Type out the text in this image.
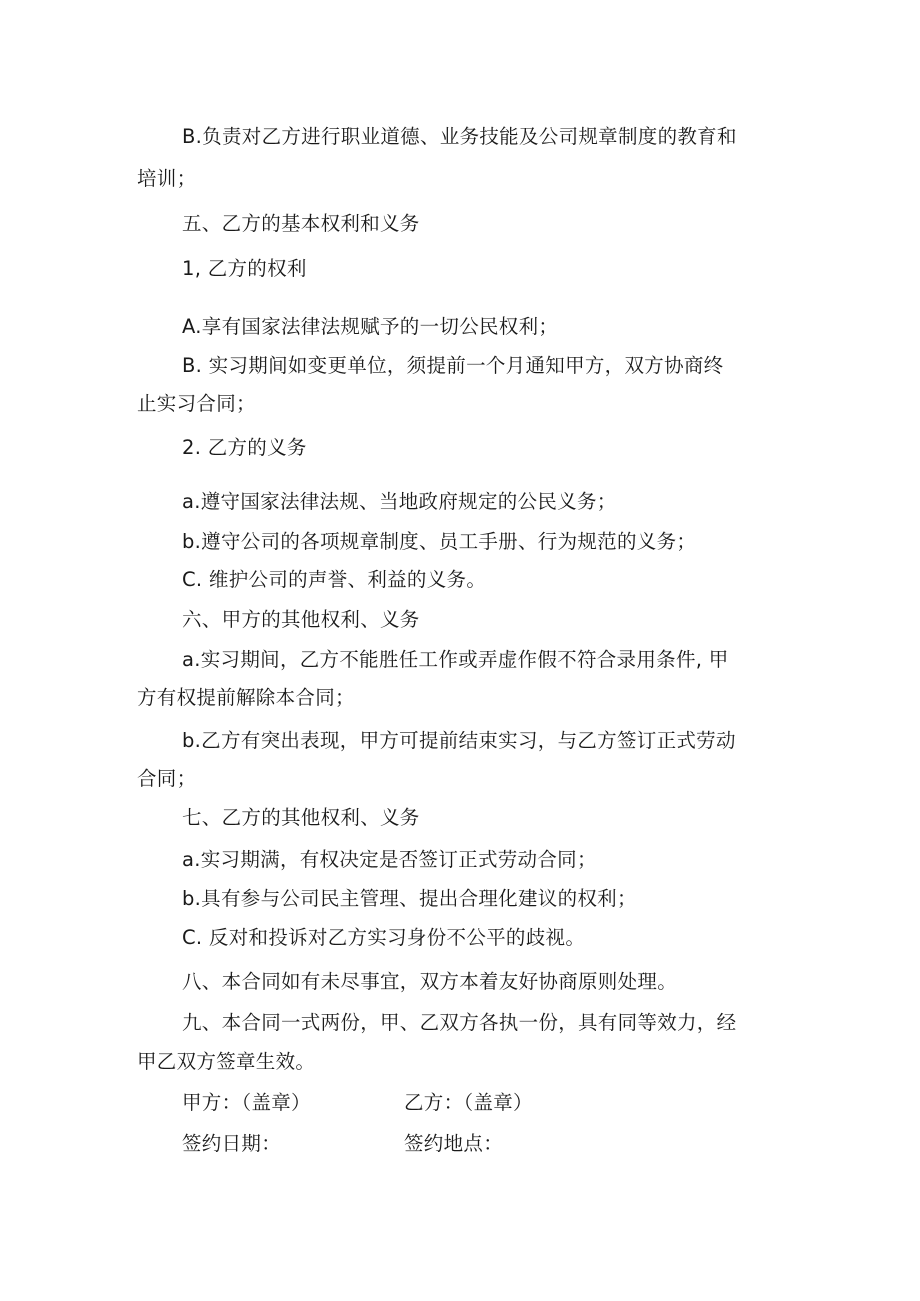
B.负责对乙方进行职业道德、业务技能及公司规章制度的教育和
培训；
五、乙方的基本权利和义务
1, 乙方的权利
A.享有国家法律法规赋予的一切公民权利；
B. 实习期间如变更单位，须提前一个月通知甲方，双方协商终
止实习合同；
2. 乙方的义务
a.遵守国家法律法规、当地政府规定的公民义务；
b.遵守公司的各项规章制度、员工手册、行为规范的义务；
C. 维护公司的声誉、利益的义务。
六、甲方的其他权利、义务
a.实习期间，乙方不能胜任工作或弄虚作假不符合录用条件, 甲
方有权提前解除本合同；
b.乙方有突出表现，甲方可提前结束实习，与乙方签订正式劳动
合同；
七、乙方的其他权利、义务
a.实习期满，有权决定是否签订正式劳动合同；
b.具有参与公司民主管理、提出合理化建议的权利；
C. 反对和投诉对乙方实习身份不公平的歧视。
八、本合同如有未尽事宜，双方本着友好协商原则处理。
九、本合同一式两份，甲、乙双方各执一份，具有同等效力，经
甲乙双方签章生效。
甲方：（盖章）	乙方：（盖章）
签约日期：	签约地点：
